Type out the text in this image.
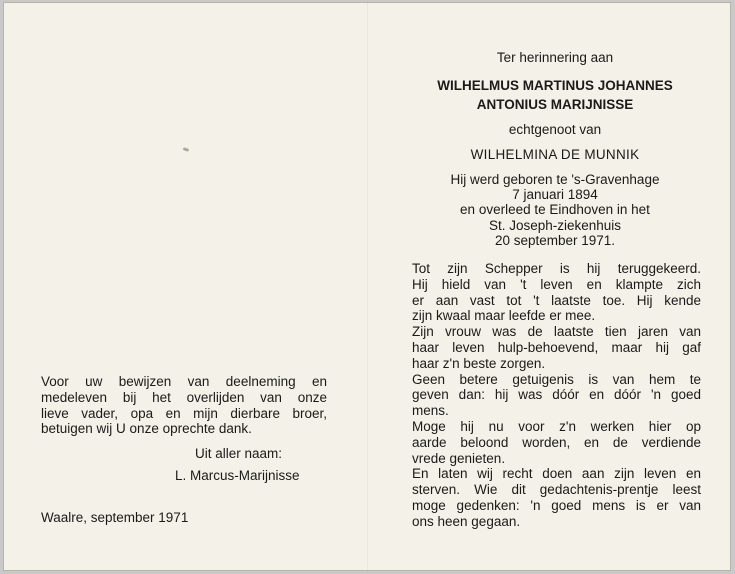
Ter herinnering aan
WILHELMUS MARTINUS JOHANNES
ANTONIUS MARIJNISSE
echtgenoot van
WILHELMINA DE MUNNIK
Hij werd geboren te 's-Gravenhage
7 januari 1894
en overleed te Eindhoven in het
St. Joseph-ziekenhuis
20 september 1971.
Tot zijn Schepper is hij teruggekeerd.
Hij hield van 't leven en klampte zich
er aan vast tot 't laatste toe. Hij kende
zijn kwaal maar leefde er mee.
Zijn vrouw was de laatste tien jaren van
haar leven hulp-behoevend, maar hij gaf
haar z'n beste zorgen.
Geen betere getuigenis is van hem te
geven dan: hij was dóór en dóór 'n goed
mens.
Moge hij nu voor z'n werken hier op
aarde beloond worden, en de verdiende
vrede genieten.
En laten wij recht doen aan zijn leven en
sterven. Wie dit gedachtenis-prentje leest
moge gedenken: 'n goed mens is er van
ons heen gegaan.
Voor uw bewijzen van deelneming en
medeleven bij het overlijden van onze
lieve vader, opa en mijn dierbare broer,
betuigen wij U onze oprechte dank.
Uit aller naam:
L. Marcus-Marijnisse
Waalre, september 1971
